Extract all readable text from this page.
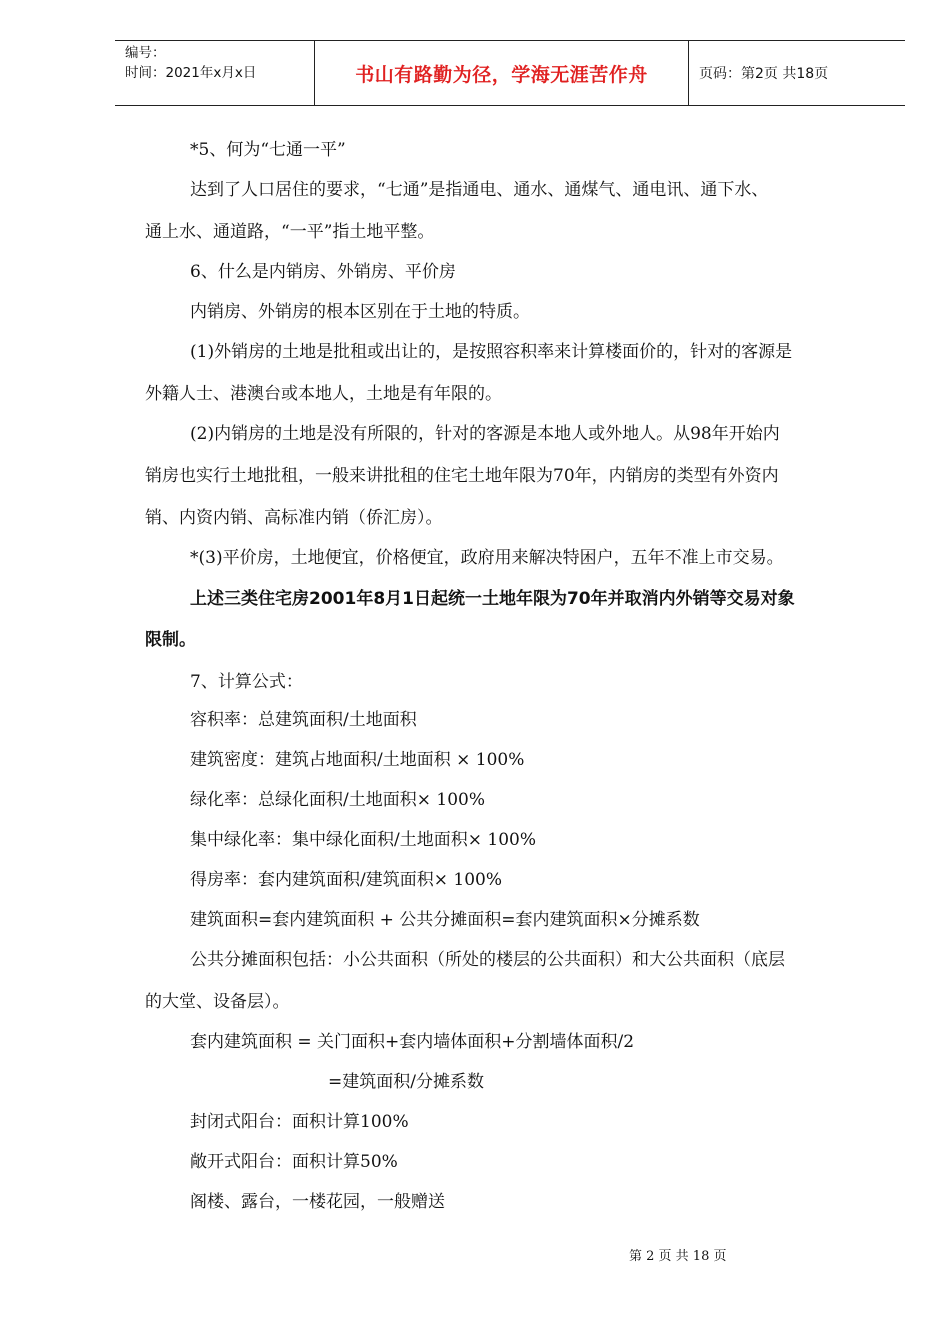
编号：
时间：2021年x月x日	书山有路勤为径，学海无涯苦作舟	页码：第2页 共18页
*5、何为“七通一平”
达到了人口居住的要求，“七通”是指通电、通水、通煤气、通电讯、通下水、
通上水、通道路，“一平”指土地平整。
6、什么是内销房、外销房、平价房
内销房、外销房的根本区别在于土地的特质。
(1)外销房的土地是批租或出让的，是按照容积率来计算楼面价的，针对的客源是
外籍人士、港澳台或本地人，土地是有年限的。
(2)内销房的土地是没有所限的，针对的客源是本地人或外地人。从98年开始内
销房也实行土地批租，一般来讲批租的住宅土地年限为70年，内销房的类型有外资内
销、内资内销、高标准内销（侨汇房）。
*(3)平价房，土地便宜，价格便宜，政府用来解决特困户，五年不准上市交易。
上述三类住宅房2001年8月1日起统一土地年限为70年并取消内外销等交易对象
限制。
7、计算公式：
容积率：总建筑面积/土地面积
建筑密度：建筑占地面积/土地面积 × 100%
绿化率：总绿化面积/土地面积× 100%
集中绿化率：集中绿化面积/土地面积× 100%
得房率：套内建筑面积/建筑面积× 100%
建筑面积=套内建筑面积 + 公共分摊面积=套内建筑面积×分摊系数
公共分摊面积包括：小公共面积（所处的楼层的公共面积）和大公共面积（底层
的大堂、设备层）。
套内建筑面积 = 关门面积+套内墙体面积+分割墙体面积/2
=建筑面积/分摊系数
封闭式阳台：面积计算100%
敞开式阳台：面积计算50%
阁楼、露台，一楼花园，一般赠送
第 2 页 共 18 页
